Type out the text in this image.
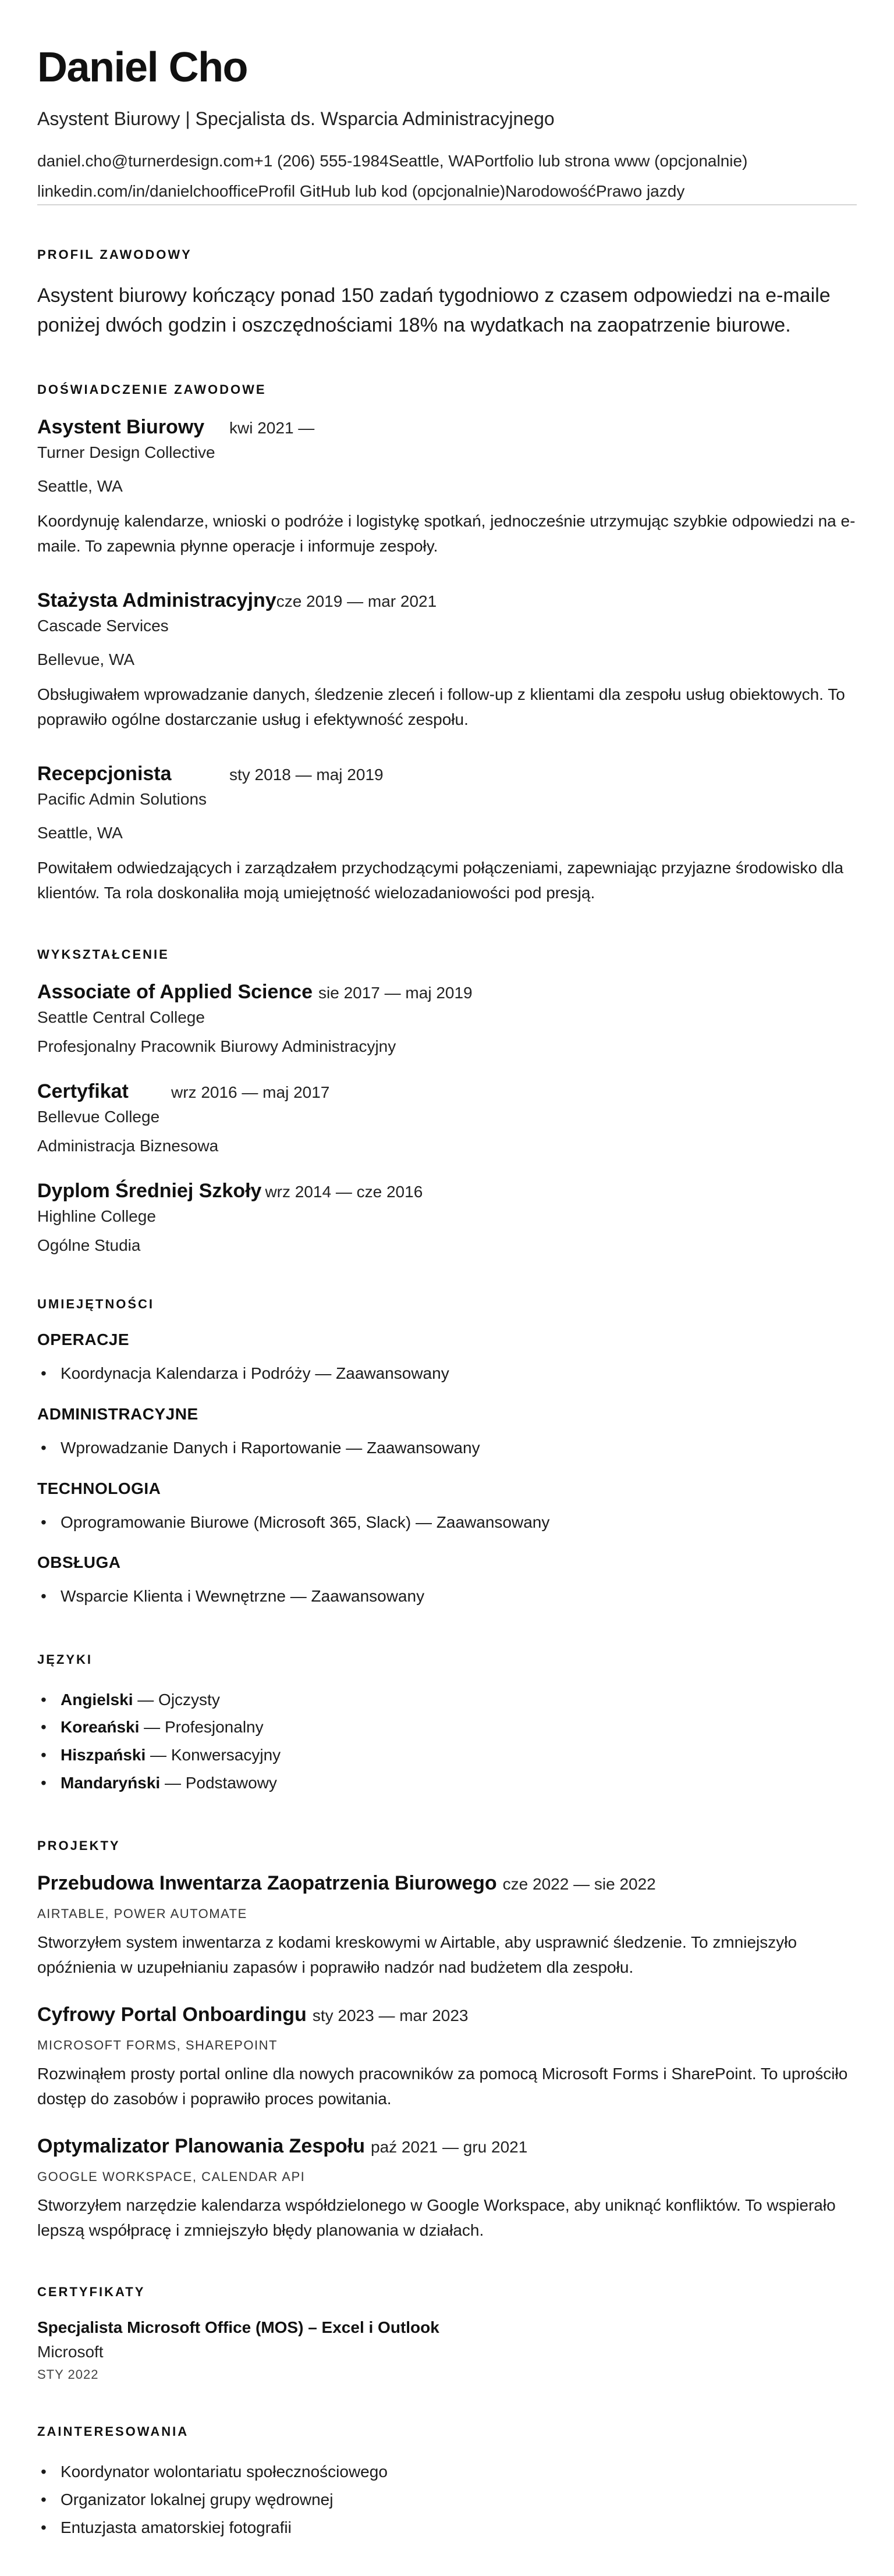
Daniel Cho
Asystent Biurowy | Specjalista ds. Wsparcia Administracyjnego
daniel.cho@turnerdesign.com +1 (206) 555-1984 Seattle, WA Portfolio lub strona www (opcjonalnie)
linkedin.com/in/danielchooffice Profil GitHub lub kod (opcjonalnie) Narodowość Prawo jazdy
PROFIL ZAWODOWY

Asystent biurowy kończący ponad 150 zadań tygodniowo z czasem odpowiedzi na e-maile poniżej dwóch godzin i oszczędnościami 18% na wydatkach na zaopatrzenie biurowe.

DOŚWIADCZENIE ZAWODOWE
Asystent Biurowy	kwi 2021 —
Turner Design Collective
Seattle, WA

Koordynuję kalendarze, wnioski o podróże i logistykę spotkań, jednocześnie utrzymując szybkie odpowiedzi na e-maile. To zapewnia płynne operacje i informuje zespoły.

Stażysta Administracyjny cze 2019 — mar 2021
Cascade Services
Bellevue, WA

Obsługiwałem wprowadzanie danych, śledzenie zleceń i follow-up z klientami dla zespołu usług obiektowych. To poprawiło ogólne dostarczanie usług i efektywność zespołu.

Recepcjonista	sty 2018 — maj 2019
Pacific Admin Solutions
Seattle, WA

Powitałem odwiedzających i zarządzałem przychodzącymi połączeniami, zapewniając przyjazne środowisko dla klientów. Ta rola doskonaliła moją umiejętność wielozadaniowości pod presją.

WYKSZTAŁCENIE
Associate of Applied Science sie 2017 — maj 2019
Seattle Central College
Profesjonalny Pracownik Biurowy Administracyjny
Certyfikat	wrz 2016 — maj 2017
Bellevue College
Administracja Biznesowa
Dyplom Średniej Szkoły wrz 2014 — cze 2016
Highline College
Ogólne Studia
UMIEJĘTNOŚCI
OPERACJE
• Koordynacja Kalendarza i Podróży — Zaawansowany
ADMINISTRACYJNE
• Wprowadzanie Danych i Raportowanie — Zaawansowany
TECHNOLOGIA
• Oprogramowanie Biurowe (Microsoft 365, Slack) — Zaawansowany
OBSŁUGA
• Wsparcie Klienta i Wewnętrzne — Zaawansowany
JĘZYKI
• Angielski — Ojczysty
• Koreański — Profesjonalny
• Hiszpański — Konwersacyjny
• Mandaryński — Podstawowy
PROJEKTY
Przebudowa Inwentarza Zaopatrzenia Biurowego cze 2022 — sie 2022
AIRTABLE, POWER AUTOMATE

Stworzyłem system inwentarza z kodami kreskowymi w Airtable, aby usprawnić śledzenie. To zmniejszyło opóźnienia w uzupełnianiu zapasów i poprawiło nadzór nad budżetem dla zespołu.

Cyfrowy Portal Onboardingu sty 2023 — mar 2023
MICROSOFT FORMS, SHAREPOINT

Rozwinąłem prosty portal online dla nowych pracowników za pomocą Microsoft Forms i SharePoint. To uprościło dostęp do zasobów i poprawiło proces powitania.

Optymalizator Planowania Zespołu paź 2021 — gru 2021
GOOGLE WORKSPACE, CALENDAR API

Stworzyłem narzędzie kalendarza współdzielonego w Google Workspace, aby uniknąć konfliktów. To wspierało lepszą współpracę i zmniejszyło błędy planowania w działach.

CERTYFIKATY
Specjalista Microsoft Office (MOS) – Excel i Outlook
Microsoft
STY 2022
ZAINTERESOWANIA
• Koordynator wolontariatu społecznościowego
• Organizator lokalnej grupy wędrownej
• Entuzjasta amatorskiej fotografii
